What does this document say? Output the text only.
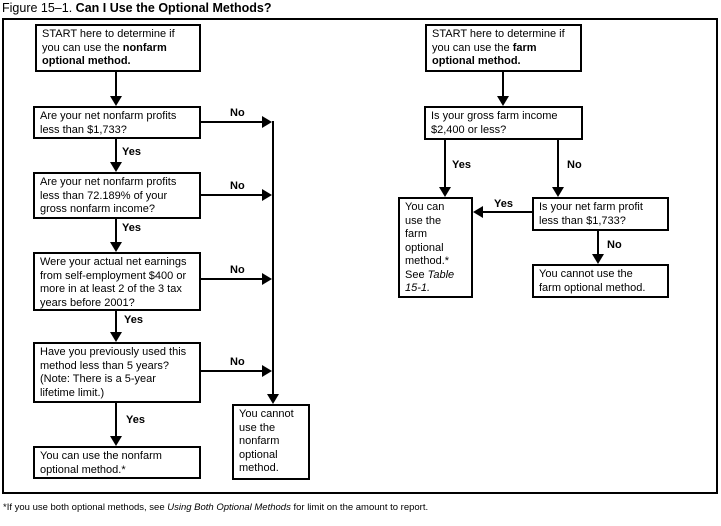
Figure 15–1. Can I Use the Optional Methods?
START here to determine if
you can use the nonfarm
optional method.
Are your net nonfarm profits
less than $1,733?
Yes
Are your net nonfarm profits
less than 72.189% of your
gross nonfarm income?
Yes
Were your actual net earnings
from self-employment $400 or
more in at least 2 of the 3 tax
years before 2001?
Yes
Have you previously used this
method less than 5 years?
(Note: There is a 5-year
lifetime limit.)
Yes
You can use the nonfarm
optional method.*
No
No
No
No
You cannot
use the
nonfarm
optional
method.
START here to determine if
you can use the farm
optional method.
Is your gross farm income
$2,400 or less?
Yes	No
You can
use the
farm
optional
method.*
See Table
15-1.
Is your net farm profit
less than $1,733?
Yes
No
You cannot use the
farm optional method.
*If you use both optional methods, see Using Both Optional Methods for limit on the amount to report.
